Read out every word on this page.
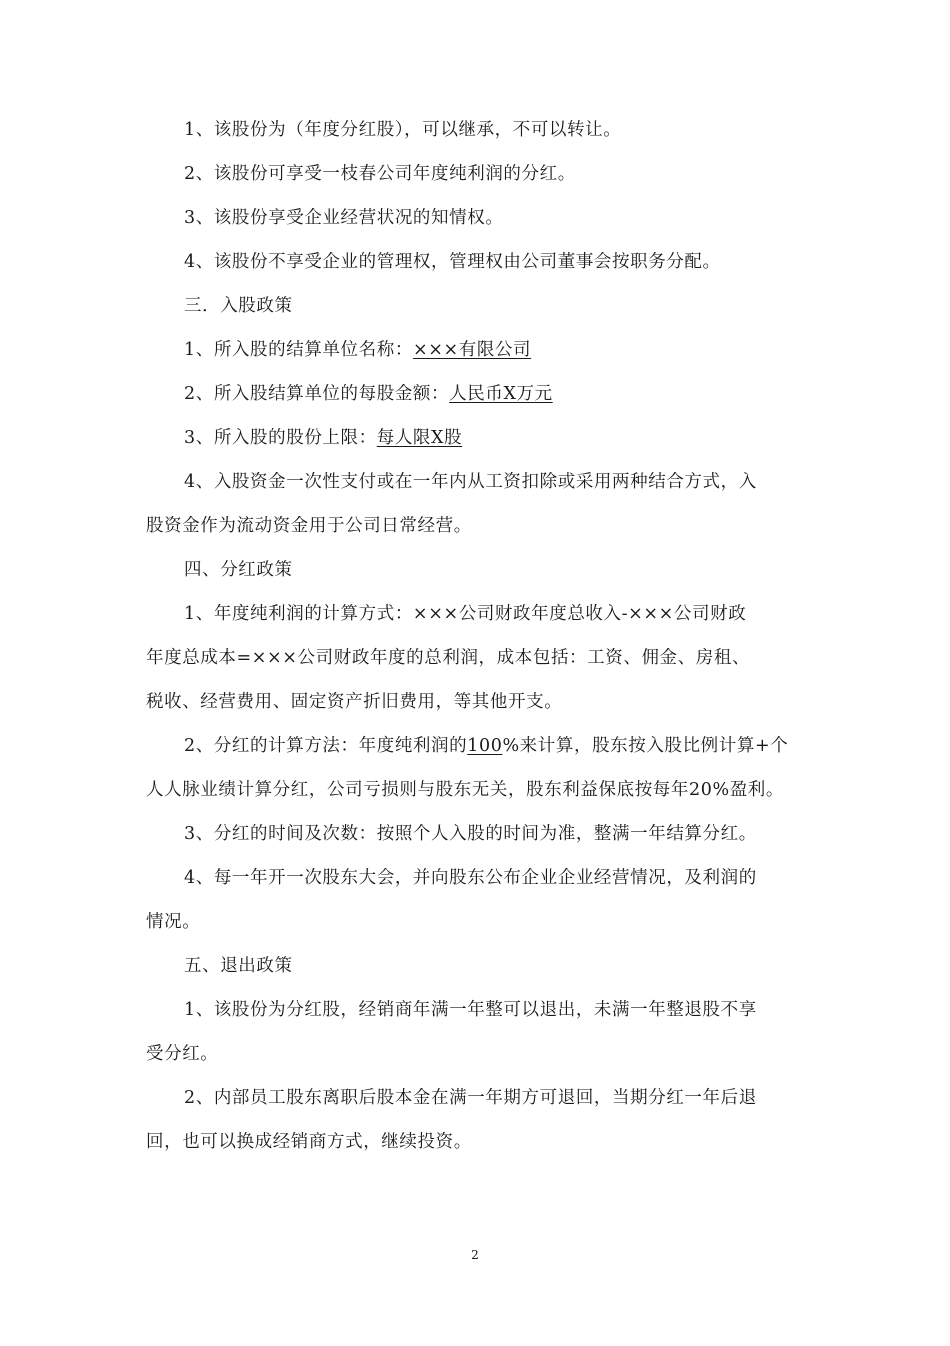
1、该股份为（年度分红股），可以继承，不可以转让。
2、该股份可享受一枝春公司年度纯利润的分红。
3、该股份享受企业经营状况的知情权。
4、该股份不享受企业的管理权，管理权由公司董事会按职务分配。
三．入股政策
1、所入股的结算单位名称：×××有限公司
2、所入股结算单位的每股金额：人民币X万元
3、所入股的股份上限：每人限X股
4、入股资金一次性支付或在一年内从工资扣除或采用两种结合方式，入
股资金作为流动资金用于公司日常经营。
四、分红政策
1、年度纯利润的计算方式：×××公司财政年度总收入-×××公司财政
年度总成本=×××公司财政年度的总利润，成本包括：工资、佣金、房租、
税收、经营费用、固定资产折旧费用，等其他开支。
2、分红的计算方法：年度纯利润的100%来计算，股东按入股比例计算+个
人人脉业绩计算分红，公司亏损则与股东无关，股东利益保底按每年20%盈利。
3、分红的时间及次数：按照个人入股的时间为准，整满一年结算分红。
4、每一年开一次股东大会，并向股东公布企业企业经营情况，及利润的
情况。
五、退出政策
1、该股份为分红股，经销商年满一年整可以退出，未满一年整退股不享
受分红。
2、内部员工股东离职后股本金在满一年期方可退回，当期分红一年后退
回，也可以换成经销商方式，继续投资。
2
